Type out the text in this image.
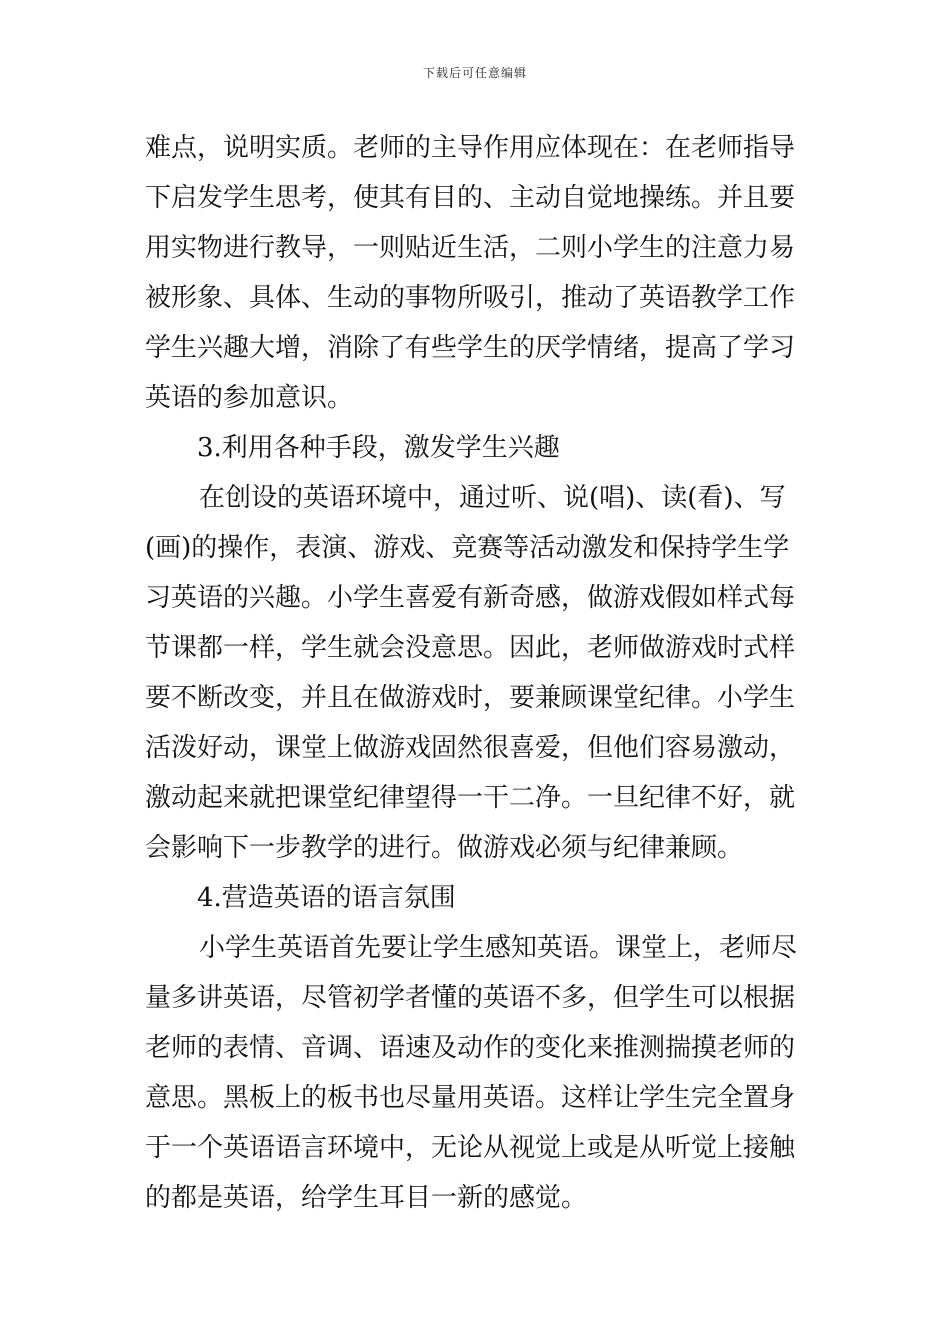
下载后可任意编辑
难点，说明实质。老师的主导作用应体现在：在老师指导
下启发学生思考，使其有目的、主动自觉地操练。并且要
用实物进行教导，一则贴近生活，二则小学生的注意力易
被形象、具体、生动的事物所吸引，推动了英语教学工作
学生兴趣大增，消除了有些学生的厌学情绪，提高了学习
英语的参加意识。
3.利用各种手段，激发学生兴趣
在创设的英语环境中，通过听、说(唱)、读(看)、写
(画)的操作，表演、游戏、竞赛等活动激发和保持学生学
习英语的兴趣。小学生喜爱有新奇感，做游戏假如样式每
节课都一样，学生就会没意思。因此，老师做游戏时式样
要不断改变，并且在做游戏时，要兼顾课堂纪律。小学生
活泼好动，课堂上做游戏固然很喜爱，但他们容易激动，
激动起来就把课堂纪律望得一干二净。一旦纪律不好，就
会影响下一步教学的进行。做游戏必须与纪律兼顾。
4.营造英语的语言氛围
小学生英语首先要让学生感知英语。课堂上，老师尽
量多讲英语，尽管初学者懂的英语不多，但学生可以根据
老师的表情、音调、语速及动作的变化来推测揣摸老师的
意思。黑板上的板书也尽量用英语。这样让学生完全置身
于一个英语语言环境中，无论从视觉上或是从听觉上接触
的都是英语，给学生耳目一新的感觉。
